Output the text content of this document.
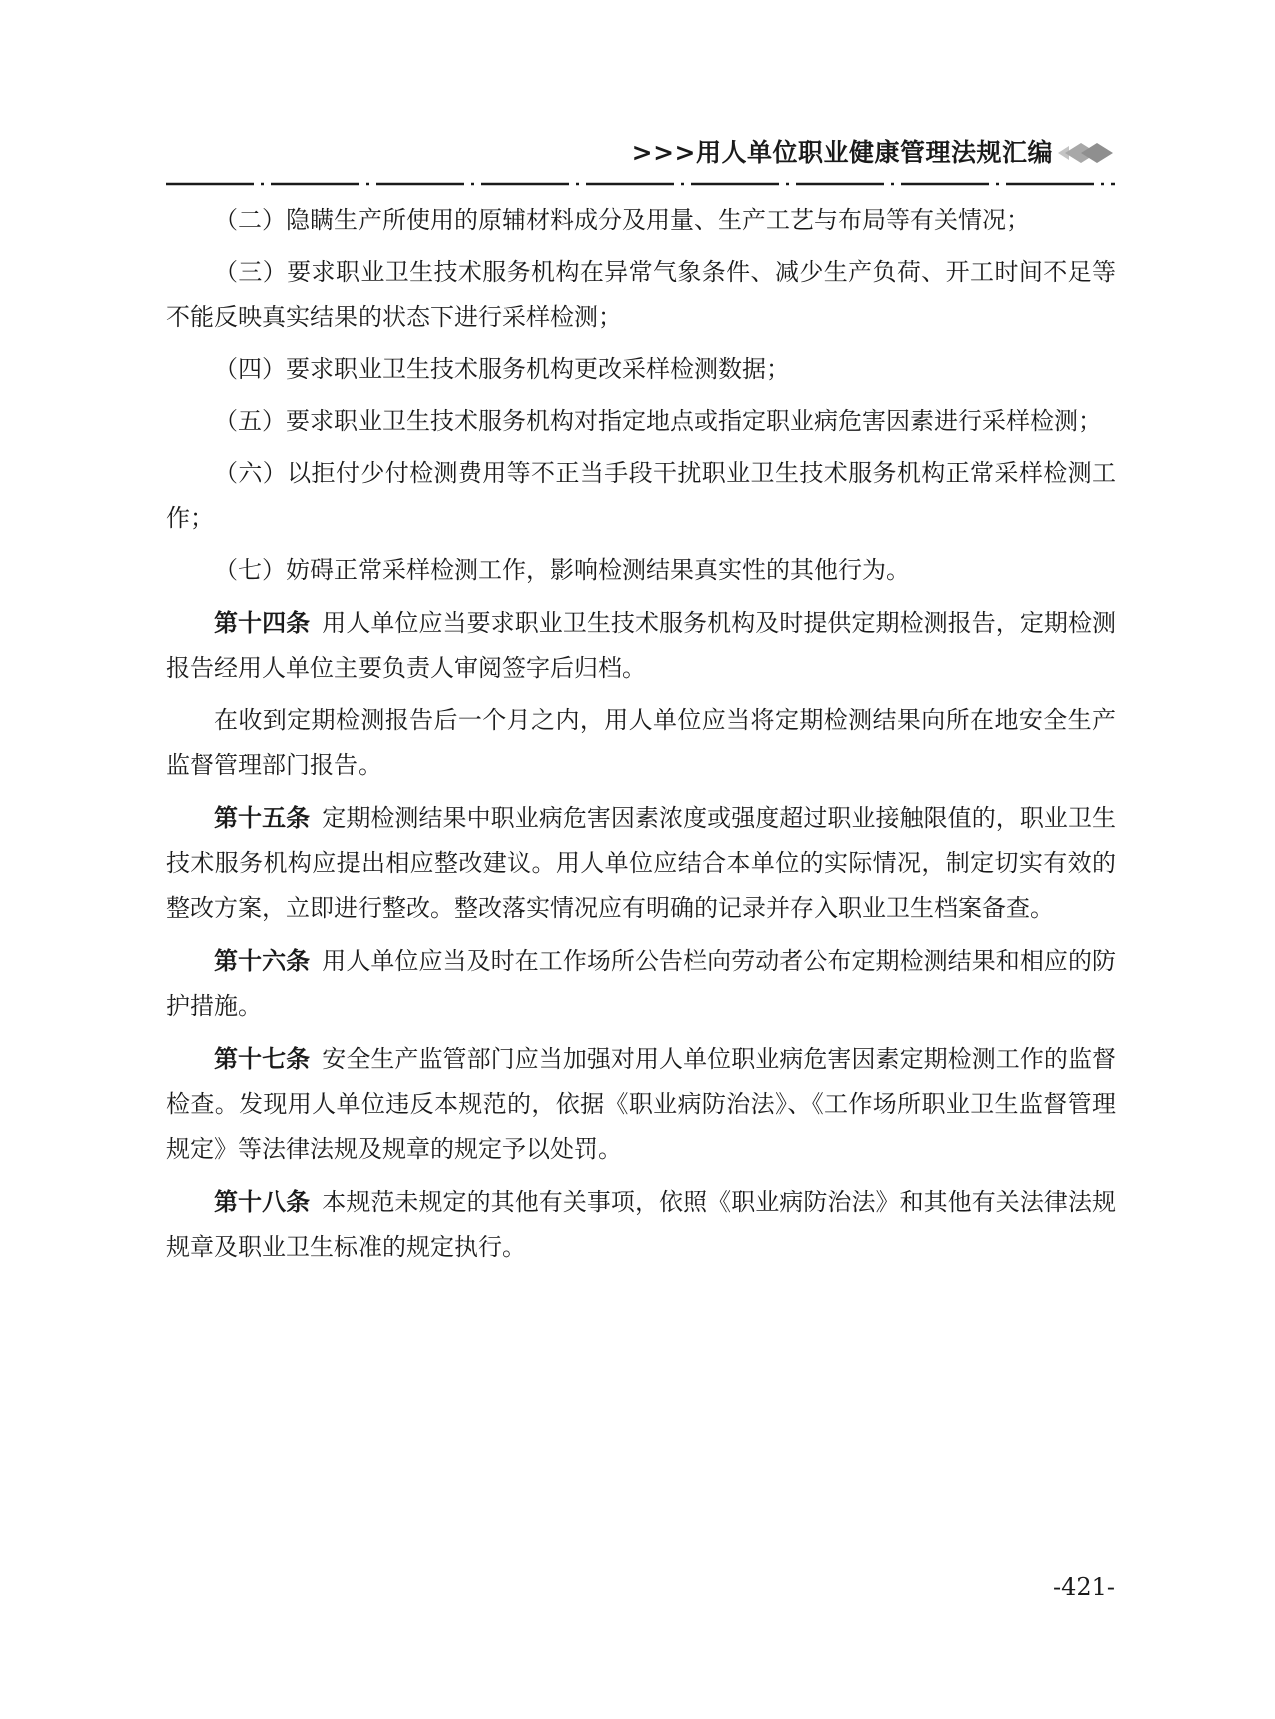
>>>用人单位职业健康管理法规汇编

（二）隐瞒生产所使用的原辅材料成分及用量、生产工艺与布局等有关情况；

（三）要求职业卫生技术服务机构在异常气象条件、减少生产负荷、开工时间不足等不能反映真实结果的状态下进行采样检测；

（四）要求职业卫生技术服务机构更改采样检测数据；

（五）要求职业卫生技术服务机构对指定地点或指定职业病危害因素进行采样检测；

（六）以拒付少付检测费用等不正当手段干扰职业卫生技术服务机构正常采样检测工作；

（七）妨碍正常采样检测工作，影响检测结果真实性的其他行为。

第十四条  用人单位应当要求职业卫生技术服务机构及时提供定期检测报告，定期检测报告经用人单位主要负责人审阅签字后归档。

在收到定期检测报告后一个月之内，用人单位应当将定期检测结果向所在地安全生产监督管理部门报告。

第十五条  定期检测结果中职业病危害因素浓度或强度超过职业接触限值的，职业卫生技术服务机构应提出相应整改建议。用人单位应结合本单位的实际情况，制定切实有效的整改方案，立即进行整改。整改落实情况应有明确的记录并存入职业卫生档案备查。

第十六条  用人单位应当及时在工作场所公告栏向劳动者公布定期检测结果和相应的防护措施。

第十七条  安全生产监管部门应当加强对用人单位职业病危害因素定期检测工作的监督检查。发现用人单位违反本规范的，依据《职业病防治法》、《工作场所职业卫生监督管理规定》等法律法规及规章的规定予以处罚。

第十八条  本规范未规定的其他有关事项，依照《职业病防治法》和其他有关法律法规规章及职业卫生标准的规定执行。

-421-
